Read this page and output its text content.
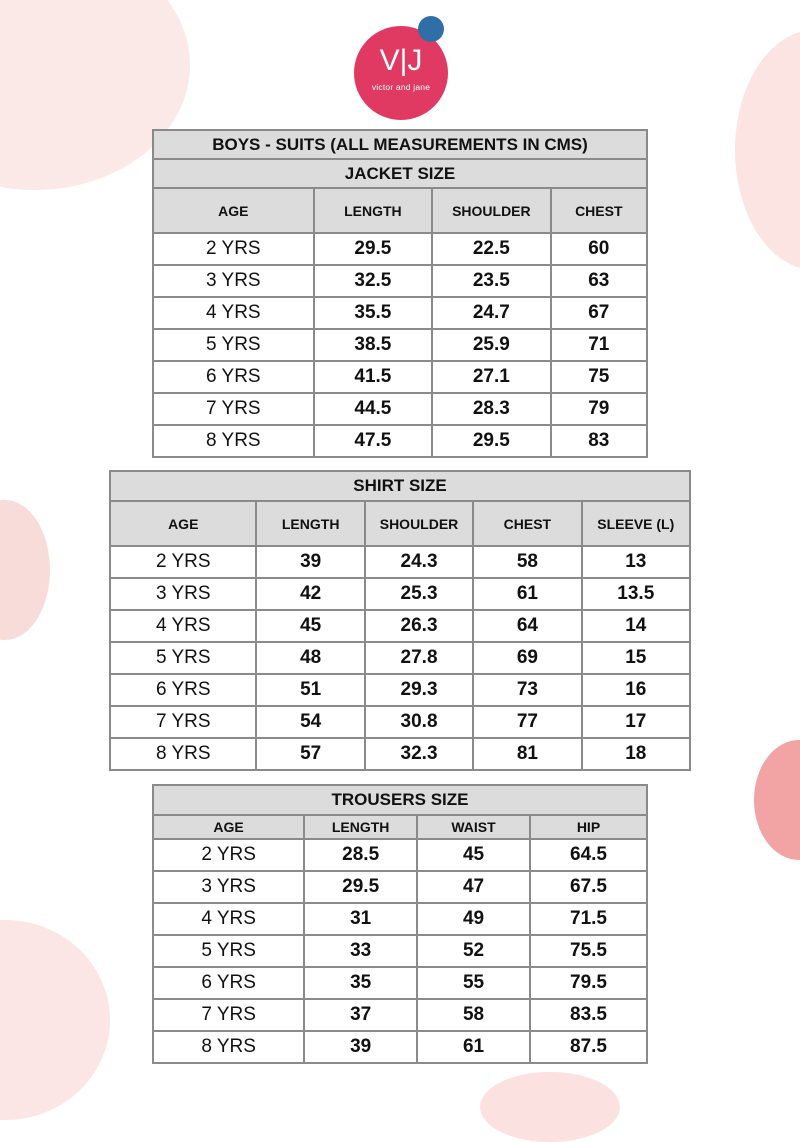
V|J
victor and jane
BOYS - SUITS (ALL MEASUREMENTS IN CMS)			
JACKET SIZE			
AGE	LENGTH	SHOULDER	CHEST
2 YRS	29.5	22.5	60
3 YRS	32.5	23.5	63
4 YRS	35.5	24.7	67
5 YRS	38.5	25.9	71
6 YRS	41.5	27.1	75
7 YRS	44.5	28.3	79
8 YRS	47.5	29.5	83
SHIRT SIZE				
AGE	LENGTH	SHOULDER	CHEST	SLEEVE (L)
2 YRS	39	24.3	58	13
3 YRS	42	25.3	61	13.5
4 YRS	45	26.3	64	14
5 YRS	48	27.8	69	15
6 YRS	51	29.3	73	16
7 YRS	54	30.8	77	17
8 YRS	57	32.3	81	18
TROUSERS SIZE			
AGE	LENGTH	WAIST	HIP
2 YRS	28.5	45	64.5
3 YRS	29.5	47	67.5
4 YRS	31	49	71.5
5 YRS	33	52	75.5
6 YRS	35	55	79.5
7 YRS	37	58	83.5
8 YRS	39	61	87.5
